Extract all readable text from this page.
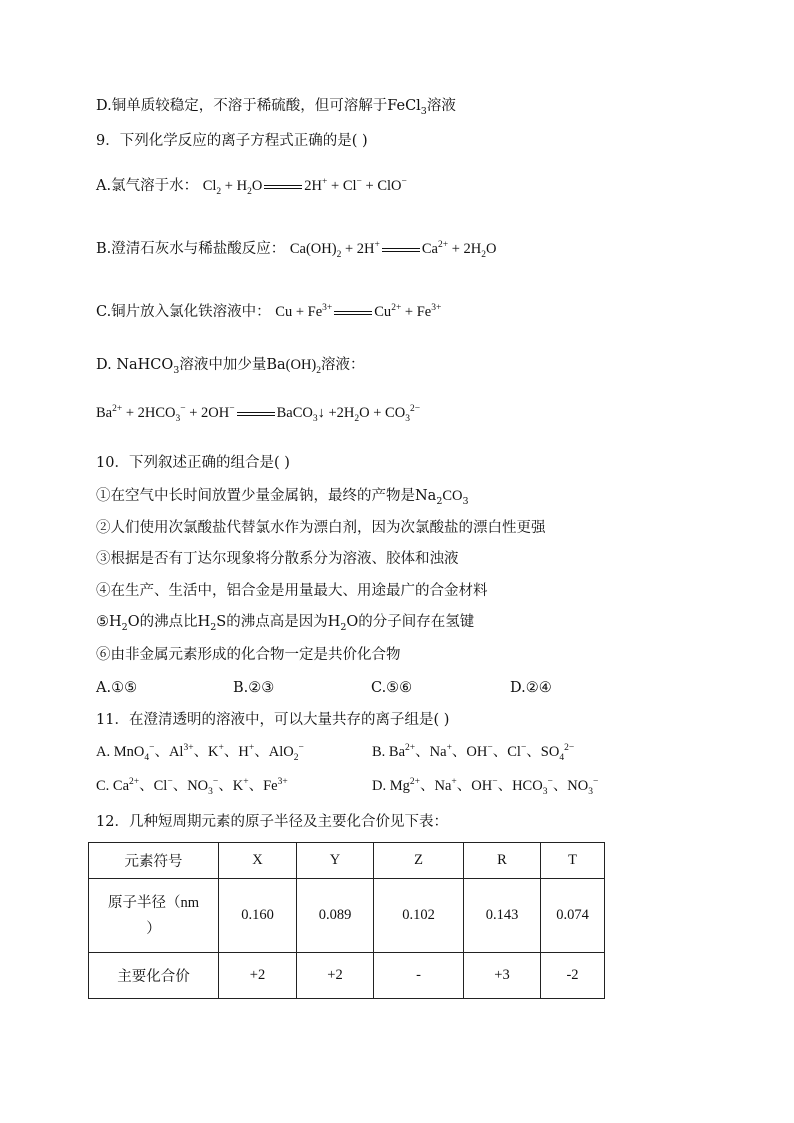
D.铜单质较稳定，不溶于稀硫酸，但可溶解于FeCl$_3$溶液
9．下列化学反应的离子方程式正确的是( )
A.氯气溶于水： $Cl_2 + H_2O$	2H+ + Cl− + ClO−
B.澄清石灰水与稀盐酸反应： $Ca(OH)_2 + 2H^+$	$Ca^{2+} + 2H_2O$
C.铜片放入氯化铁溶液中： $Cu + Fe^{3+}$	$Cu^{2+} + Fe^{3+}$
D. NaHCO$_3$溶液中加少量$Ba(OH)_2$溶液：
$Ba^{2+} + 2HCO_3^- + 2OH^-$	BaCO$_3$↓ $+2H_2O + CO_3^{2-}$
10．下列叙述正确的组合是( )
①在空气中长时间放置少量金属钠，最终的产物是$Na_2CO_3$
②人们使用次氯酸盐代替氯水作为漂白剂，因为次氯酸盐的漂白性更强
③根据是否有丁达尔现象将分散系分为溶液、胶体和浊液
④在生产、生活中，铝合金是用量最大、用途最广的合金材料
$⑤H_2O$的沸点比$H_2S$的沸点高是因为$H_2O$的分子间存在氢键
⑥由非金属元素形成的化合物一定是共价化合物
A.①⑤	B.②③	C.⑤⑥	D.②④
11．在澄清透明的溶液中，可以大量共存的离子组是( )
A. MnO$_4$−、$Al^{3+}$、K+、H+、AlO$_2$−	B. $Ba^{2+}$、Na+、OH−、Cl−、$SO_4^{2-}$
C. $Ca^{2+}$、Cl−、$NO_3^-$、K+、$Fe^{3+}$	D. $Mg^{2+}$、Na+、OH−、$HCO_3^-$、$NO_3^-$
12．几种短周期元素的原子半径及主要化合价见下表：
元素符号	X	Y	Z	R	T

原子半径（nm
）	0.160	0.089	0.102	0.143	0.074
主要化合价	+2	+2	-	+3	-2
